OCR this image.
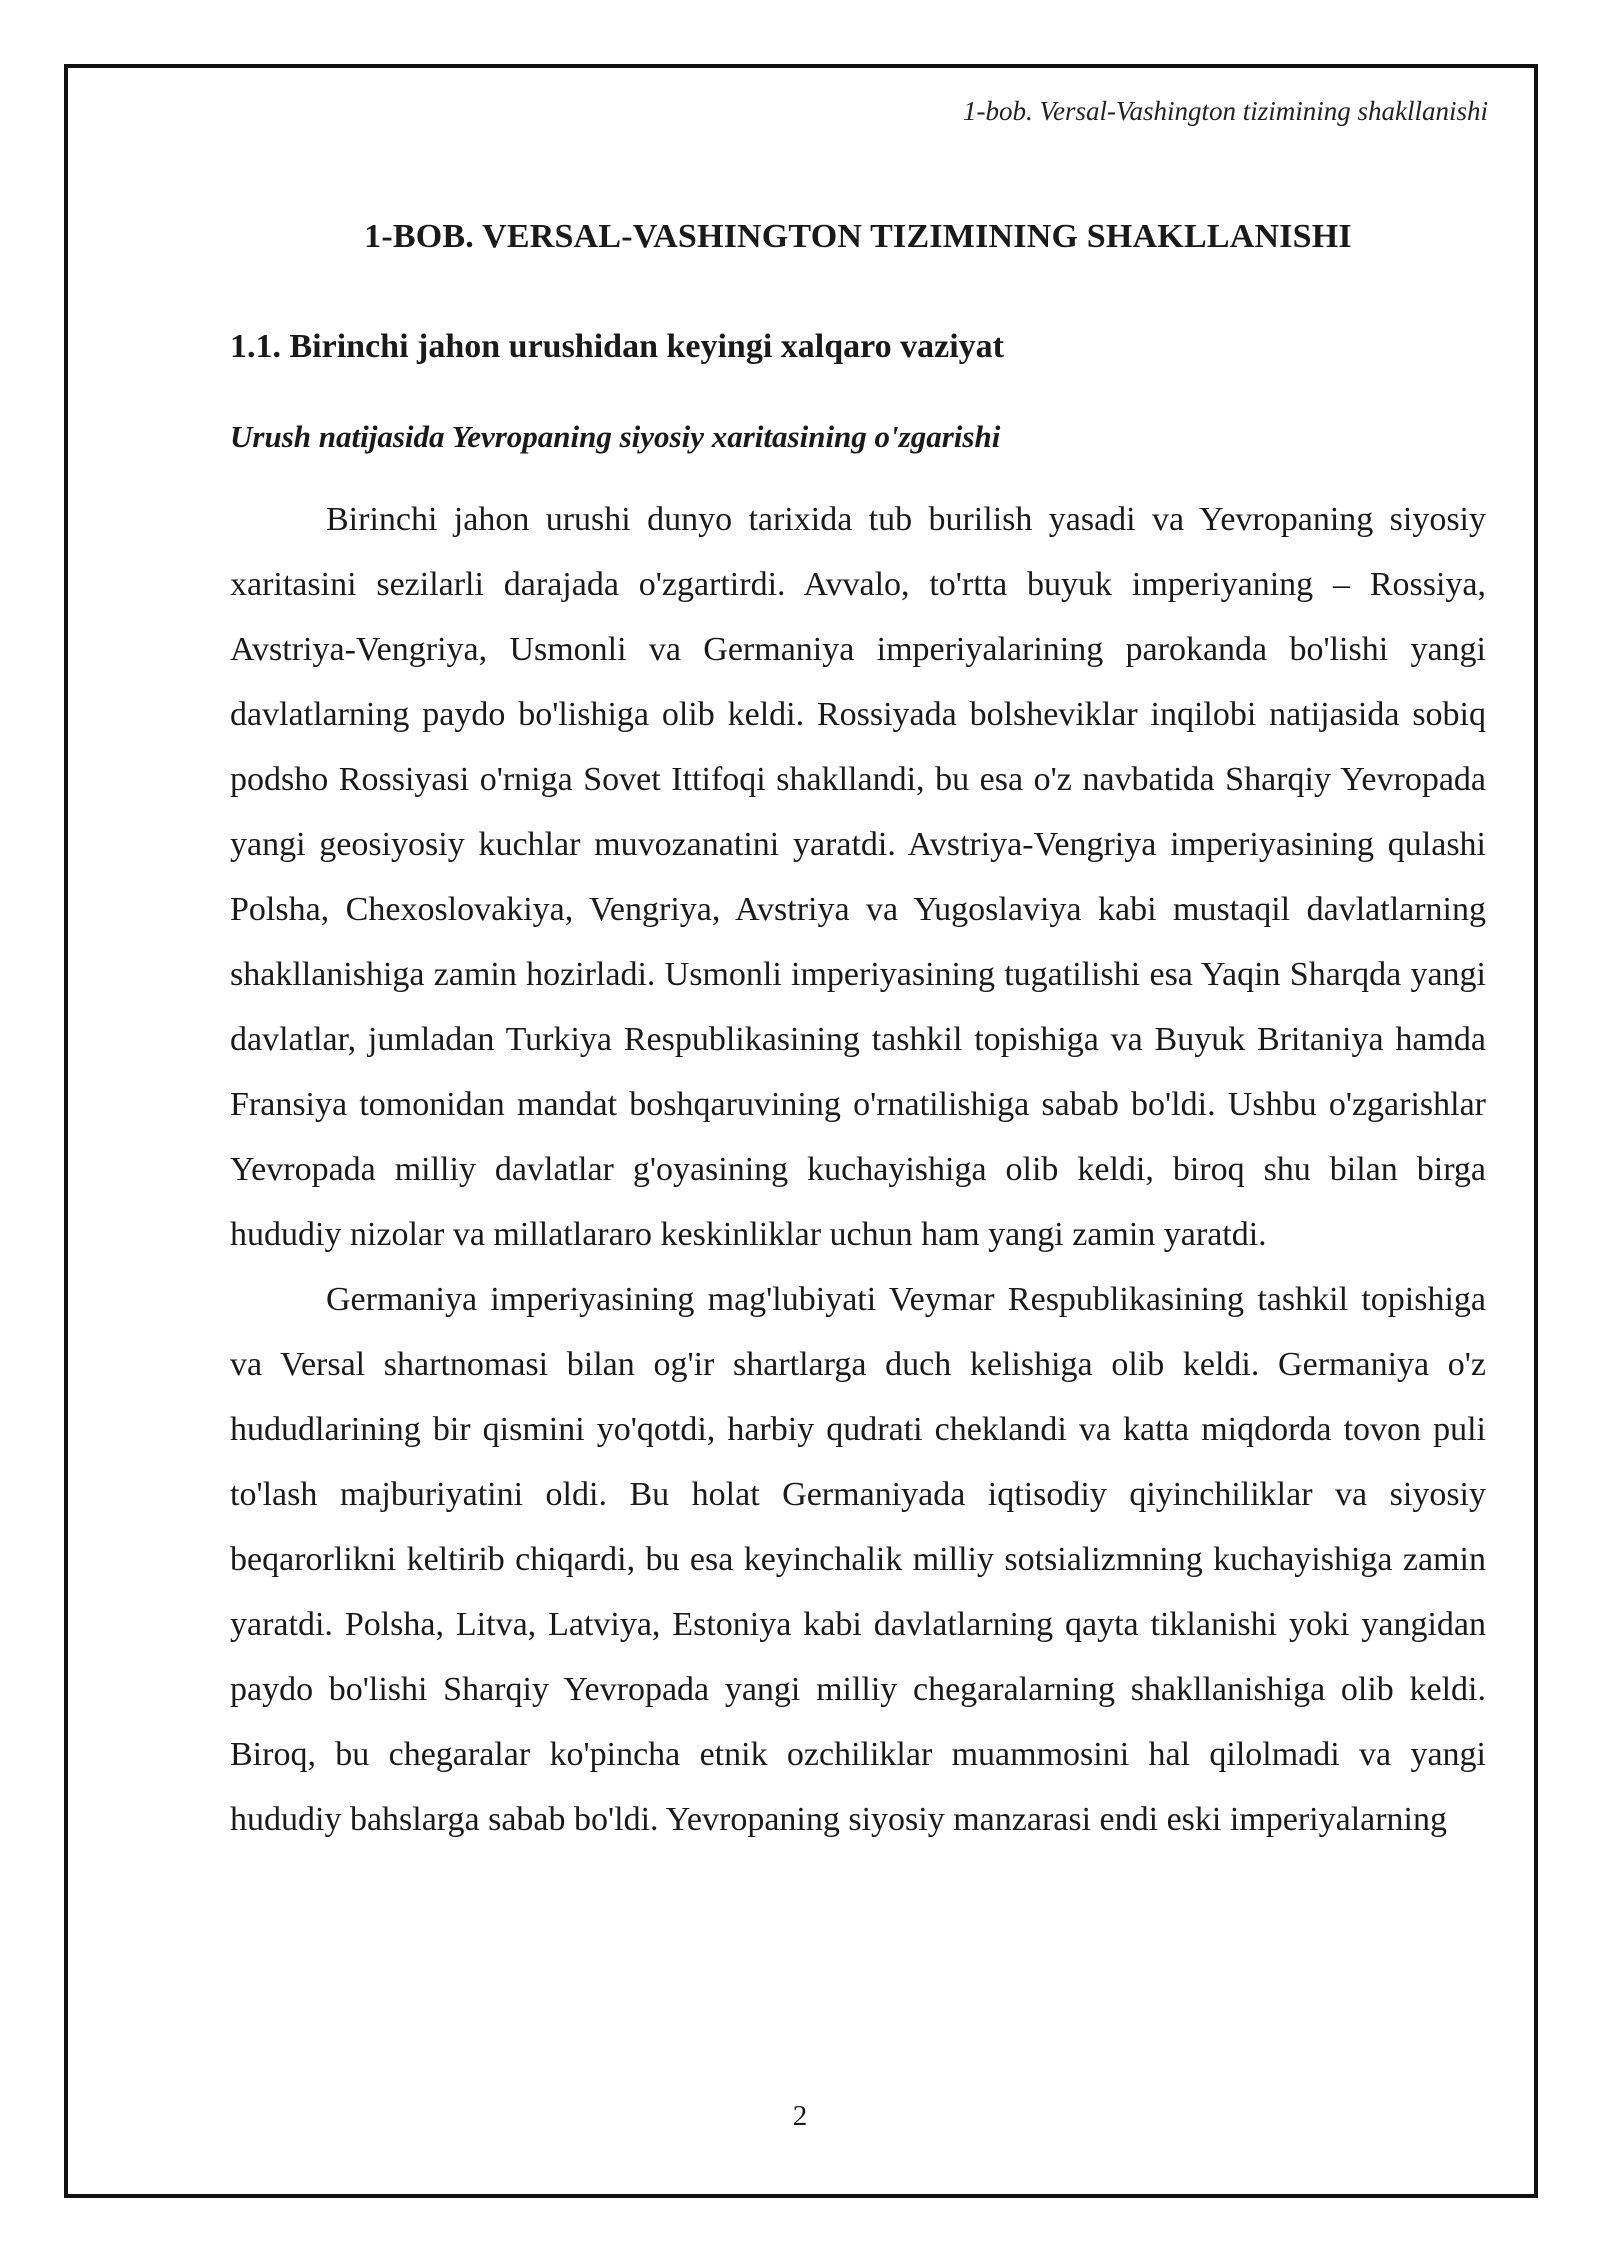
1-bob. Versal-Vashington tizimining shakllanishi
1-BOB. VERSAL-VASHINGTON TIZIMINING SHAKLLANISHI
1.1. Birinchi jahon urushidan keyingi xalqaro vaziyat
Urush natijasida Yevropaning siyosiy xaritasining o'zgarishi

Birinchi jahon urushi dunyo tarixida tub burilish yasadi va Yevropaning siyosiy xaritasini sezilarli darajada o'zgartirdi. Avvalo, to'rtta buyuk imperiyaning – Rossiya, Avstriya-Vengriya, Usmonli va Germaniya imperiyalarining parokanda bo'lishi yangi davlatlarning paydo bo'lishiga olib keldi. Rossiyada bolsheviklar inqilobi natijasida sobiq podsho Rossiyasi o'rniga Sovet Ittifoqi shakllandi, bu esa o'z navbatida Sharqiy Yevropada yangi geosiyosiy kuchlar muvozanatini yaratdi. Avstriya-Vengriya imperiyasining qulashi Polsha, Chexoslovakiya, Vengriya, Avstriya va Yugoslaviya kabi mustaqil davlatlarning shakllanishiga zamin hozirladi. Usmonli imperiyasining tugatilishi esa Yaqin Sharqda yangi davlatlar, jumladan Turkiya Respublikasining tashkil topishiga va Buyuk Britaniya hamda Fransiya tomonidan mandat boshqaruvining o'rnatilishiga sabab bo'ldi. Ushbu o'zgarishlar Yevropada milliy davlatlar g'oyasining kuchayishiga olib keldi, biroq shu bilan birga hududiy nizolar va millatlararo keskinliklar uchun ham yangi zamin yaratdi.

Germaniya imperiyasining mag'lubiyati Veymar Respublikasining tashkil topishiga va Versal shartnomasi bilan og'ir shartlarga duch kelishiga olib keldi. Germaniya o'z hududlarining bir qismini yo'qotdi, harbiy qudrati cheklandi va katta miqdorda tovon puli to'lash majburiyatini oldi. Bu holat Germaniyada iqtisodiy qiyinchiliklar va siyosiy beqarorlikni keltirib chiqardi, bu esa keyinchalik milliy sotsializmning kuchayishiga zamin yaratdi. Polsha, Litva, Latviya, Estoniya kabi davlatlarning qayta tiklanishi yoki yangidan paydo bo'lishi Sharqiy Yevropada yangi milliy chegaralarning shakllanishiga olib keldi. Biroq, bu chegaralar ko'pincha etnik ozchiliklar muammosini hal qilolmadi va yangi hududiy bahslarga sabab bo'ldi. Yevropaning siyosiy manzarasi endi eski imperiyalarning

2
